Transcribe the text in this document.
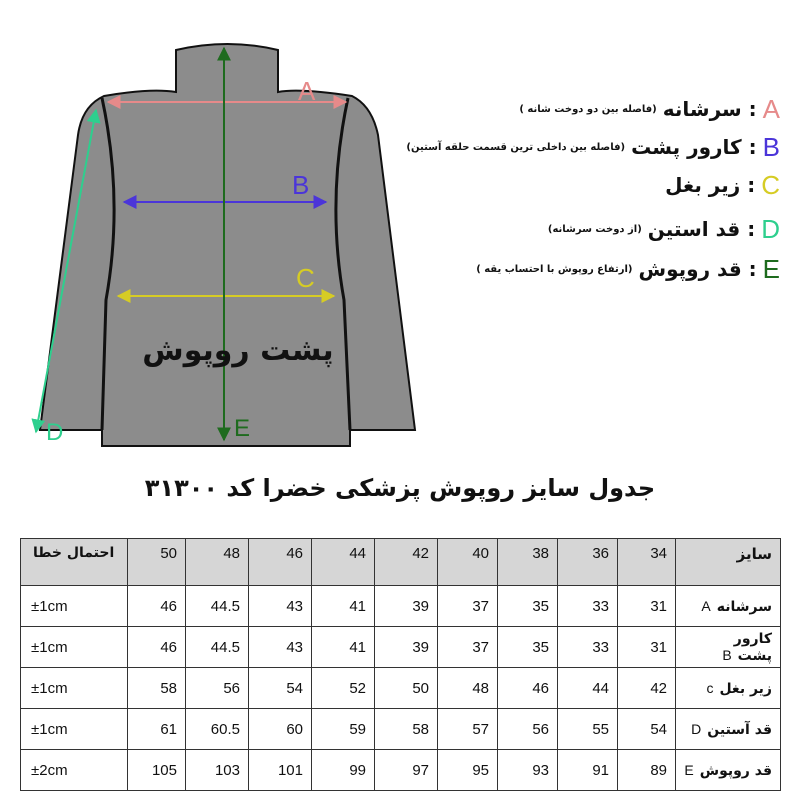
A
B
C
D	E
پشت روپوش
A
: سرشانه
(فاصله بین دو دوخت شانه )
B
: کارور پشت
(فاصله بین داخلی ترین قسمت حلقه آستین)
C
: زیر بغل
D
: قد استین
(از دوخت سرشانه)
E
: قد روپوش
(ارتفاع روپوش با احتساب یقه )
جدول سایز روپوش پزشکی خضرا کد ۳۱۳۰۰
احتمال خطا	50	48	46	44	42	40	38	36	34	سایز
±1cm	46	44.5	43	41	39	37	35	33	31	سرشانهA
±1cm	46	44.5	43	41	39	37	35	33	31	کارور پشتB
±1cm	58	56	54	52	50	48	46	44	42	زیر بغلc
±1cm	61	60.5	60	59	58	57	56	55	54	قد آستینD
±2cm	105	103	101	99	97	95	93	91	89	قد روپوشE
